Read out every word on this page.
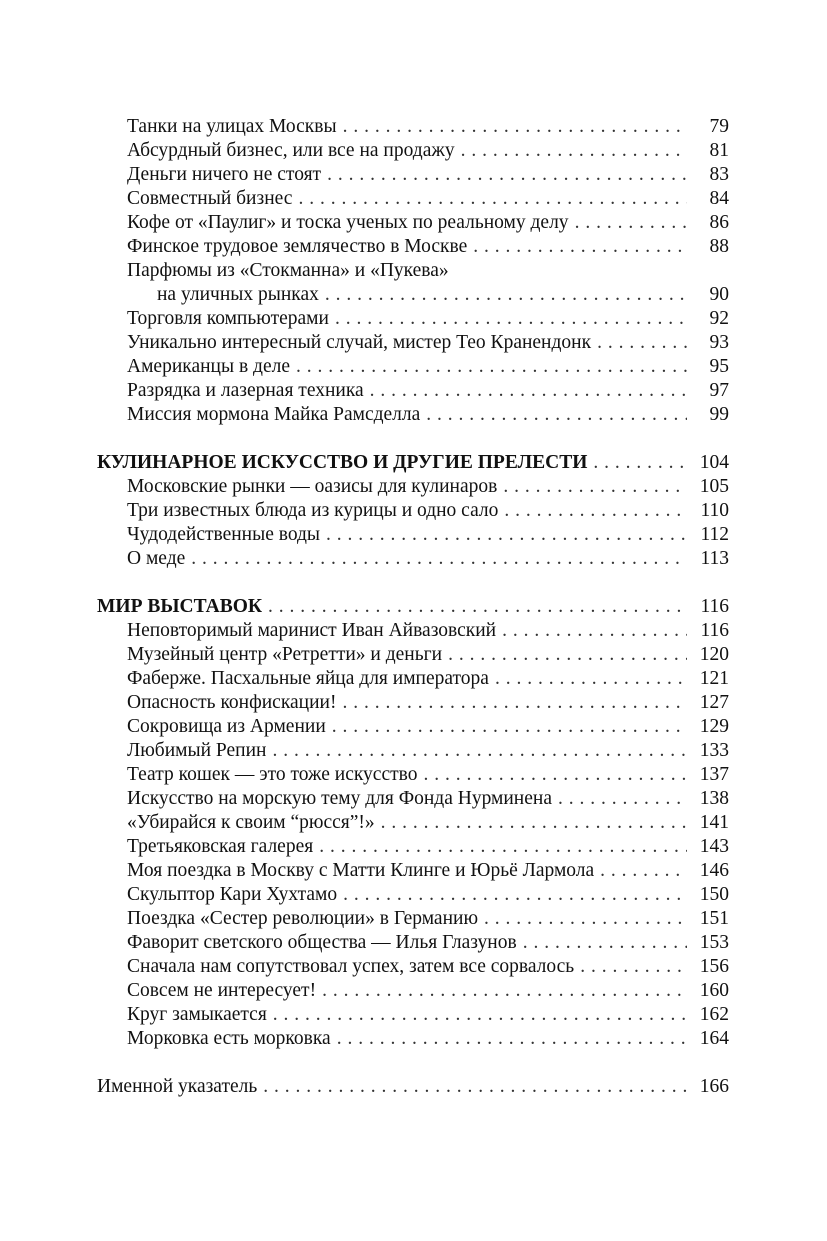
Танки на улицах Москвы . . .	79
Абсурдный бизнес, или все на продажу . . .	81
Деньги ничего не стоят . . .	83
Совместный бизнес . . .	84
Кофе от «Паулиг» и тоска ученых по реальному делу . . .	86
Финское трудовое землячество в Москве . . .	88
Парфюмы из «Стокманна» и «Пукева»
на уличных рынках . . .	90
Торговля компьютерами . . .	92
Уникально интересный случай, мистер Тео Кранендонк . . .	93
Американцы в деле . . .	95
Разрядка и лазерная техника . . .	97
Миссия мормона Майка Рамсделла . . .	99
КУЛИНАРНОЕ ИСКУССТВО И ДРУГИЕ ПРЕЛЕСТИ . . .	104
Московские рынки — оазисы для кулинаров . . .	105
Три известных блюда из курицы и одно сало . . .	110
Чудодейственные воды . . .	112
О меде . . .	113
МИР ВЫСТАВОК . . .	116
Неповторимый маринист Иван Айвазовский . . .	116
Музейный центр «Ретретти» и деньги . . .	120
Фаберже. Пасхальные яйца для императора . . .	121
Опасность конфискации! . . .	127
Сокровища из Армении . . .	129
Любимый Репин . . .	133
Театр кошек — это тоже искусство . . .	137
Искусство на морскую тему для Фонда Нурминена . . .	138
«Убирайся к своим “рюсся”!» . . .	141
Третьяковская галерея . . .	143
Моя поездка в Москву с Матти Клинге и Юрьё Лармола . . .	146
Скульптор Кари Хухтамо . . .	150
Поездка «Сестер революции» в Германию . . .	151
Фаворит светского общества — Илья Глазунов . . .	153
Сначала нам сопутствовал успех, затем все сорвалось . . .	156
Совсем не интересует! . . .	160
Круг замыкается . . .	162
Морковка есть морковка . . .	164
Именной указатель . . .	166
